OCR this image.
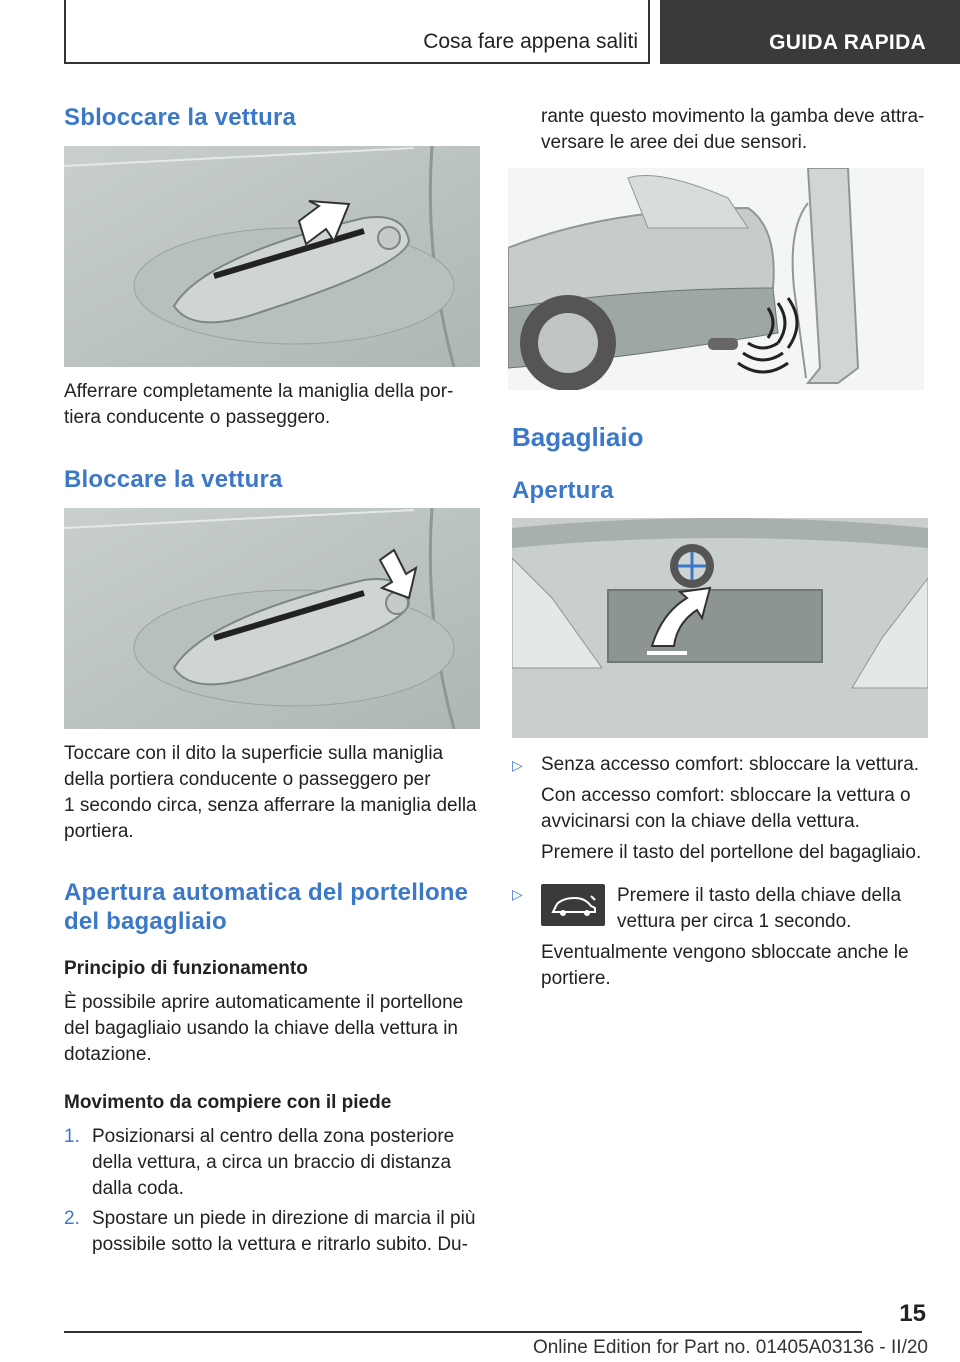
Cosa fare appena saliti	GUIDA RAPIDA
Sbloccare la vettura
Afferrare completamente la maniglia della por-
tiera conducente o passeggero.
Bloccare la vettura
Toccare con il dito la superficie sulla maniglia
della portiera conducente o passeggero per
1 secondo circa, senza afferrare la maniglia della
portiera.
Apertura automatica del portellone
del bagagliaio
Principio di funzionamento
È possibile aprire automaticamente il portellone
del bagagliaio usando la chiave della vettura in
dotazione.
Movimento da compiere con il piede
1. Posizionarsi al centro della zona posteriore
della vettura, a circa un braccio di distanza
dalla coda.
2. Spostare un piede in direzione di marcia il più
possibile sotto la vettura e ritrarlo subito. Du-
rante questo movimento la gamba deve attra-
versare le aree dei due sensori.
Bagagliaio
Apertura
▷ Senza accesso comfort: sbloccare la vettura.
Con accesso comfort: sbloccare la vettura o
avvicinarsi con la chiave della vettura.
Premere il tasto del portellone del bagagliaio.
▷	Premere il tasto della chiave della
vettura per circa 1 secondo.
Eventualmente vengono sbloccate anche le
portiere.
15
Online Edition for Part no. 01405A03136 - II/20
